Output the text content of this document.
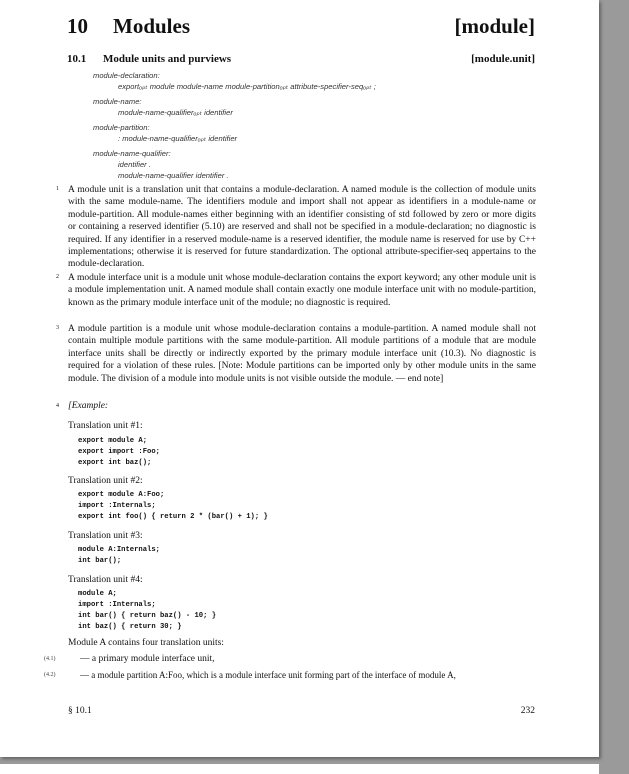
10 Modules	[module]
10.1 Module units and purviews	[module.unit]
module-declaration:
exportₒₚₜ module module-name module-partitionₒₚₜ attribute-specifier-seqₒₚₜ ;
module-name:
module-name-qualifierₒₚₜ identifier
module-partition:
: module-name-qualifierₒₚₜ identifier
module-name-qualifier:
identifier .
module-name-qualifier identifier .
1 A module unit is a translation unit that contains a module-declaration. A named module is the collection of module units with the same module-name. The identifiers module and import shall not appear as identifiers in a module-name or module-partition. All module-names either beginning with an identifier consisting of std followed by zero or more digits or containing a reserved identifier (5.10) are reserved and shall not be specified in a module-declaration; no diagnostic is required. If any identifier in a reserved module-name is a reserved identifier, the module name is reserved for use by C++ implementations; otherwise it is reserved for future standardization. The optional attribute-specifier-seq appertains to the module-declaration.
2 A module interface unit is a module unit whose module-declaration contains the export keyword; any other module unit is a module implementation unit. A named module shall contain exactly one module interface unit with no module-partition, known as the primary module interface unit of the module; no diagnostic is required.
3 A module partition is a module unit whose module-declaration contains a module-partition. A named module shall not contain multiple module partitions with the same module-partition. All module partitions of a module that are module interface units shall be directly or indirectly exported by the primary module interface unit (10.3). No diagnostic is required for a violation of these rules. [Note: Module partitions can be imported only by other module units in the same module. The division of a module into module units is not visible outside the module. — end note]
4 [Example:
Translation unit #1:
export module A;
export import :Foo;
export int baz();
Translation unit #2:
export module A:Foo;
import :Internals;
export int foo() { return 2 * (bar() + 1); }
Translation unit #3:
module A:Internals;
int bar();
Translation unit #4:
module A;
import :Internals;
int bar() { return baz() - 10; }
int baz() { return 30; }
Module A contains four translation units:
(4.1)	— a primary module interface unit,
(4.2)	— a module partition A:Foo, which is a module interface unit forming part of the interface of module A,
§ 10.1	232
